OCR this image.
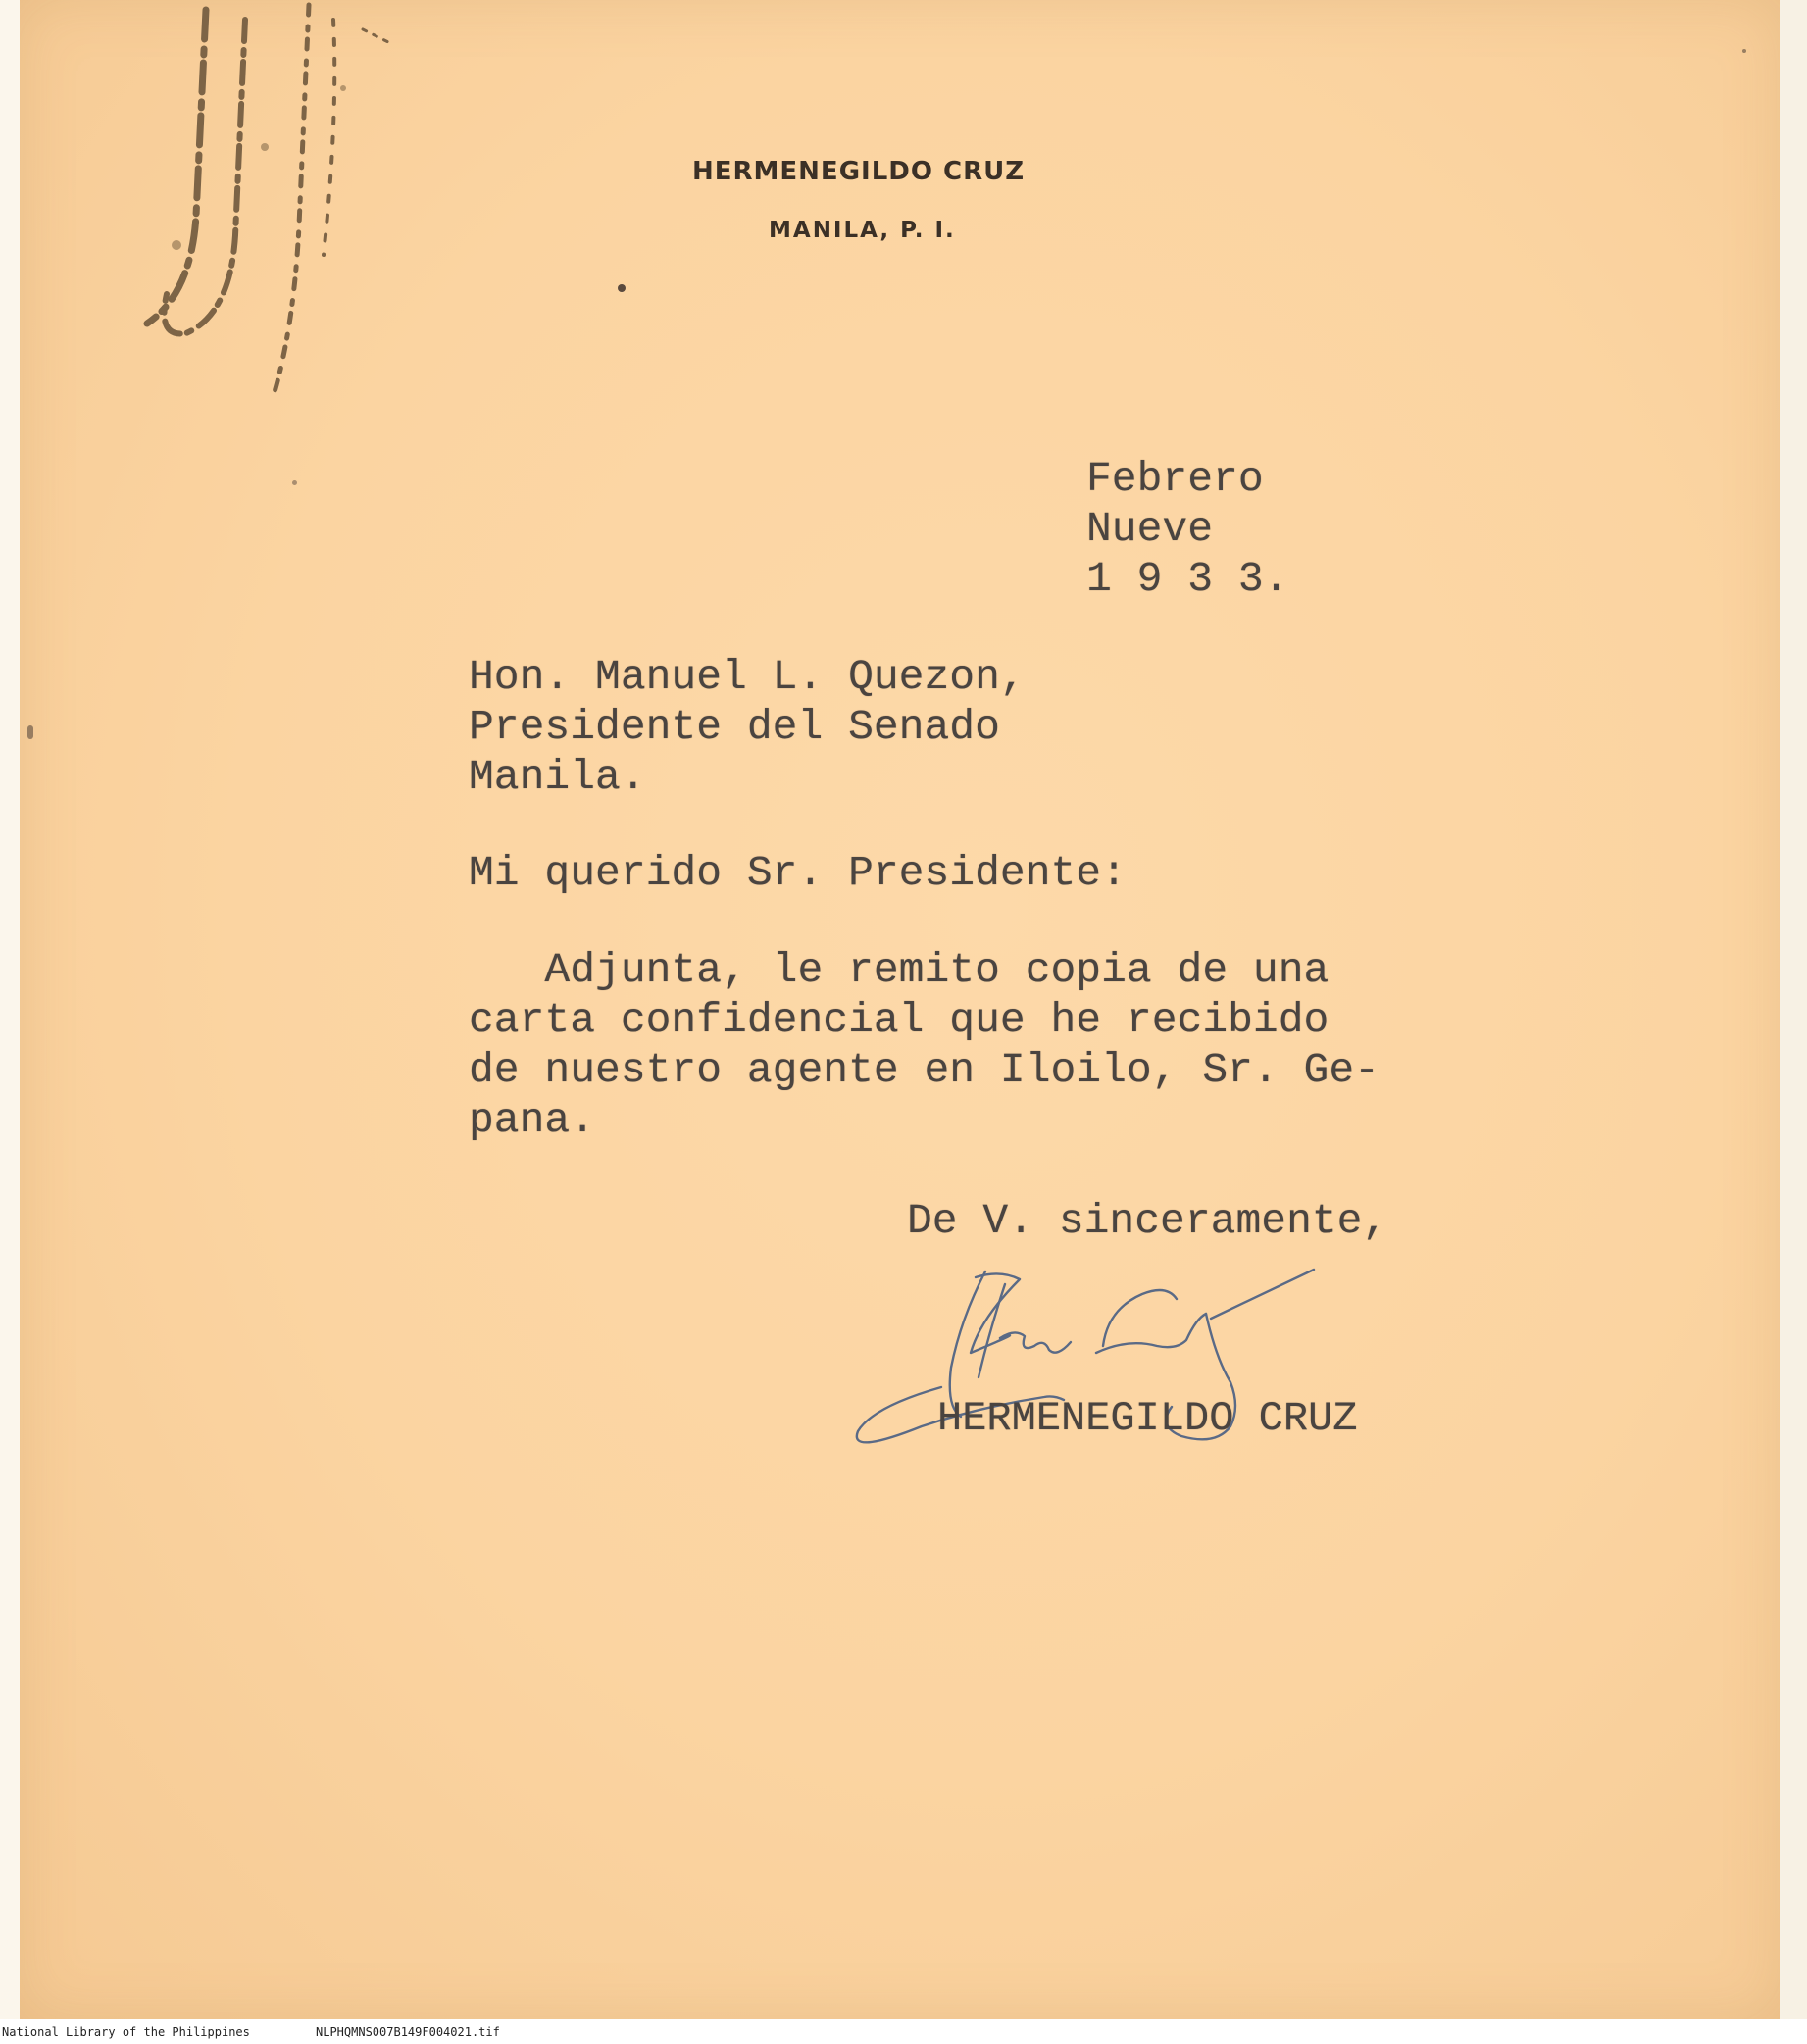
HERMENEGILDO CRUZ
MANILA, P. I.
Febrero
Nueve
1 9 3 3.
Hon. Manuel L. Quezon,
Presidente del Senado
Manila.
Mi querido Sr. Presidente:
Adjunta, le remito copia de una
carta confidencial que he recibido
de nuestro agente en Iloilo, Sr. Ge-
pana.
De V. sinceramente,
HERMENEGILDO CRUZ
National Library of the Philippines	NLPHQMNS007B149F004021.tif
